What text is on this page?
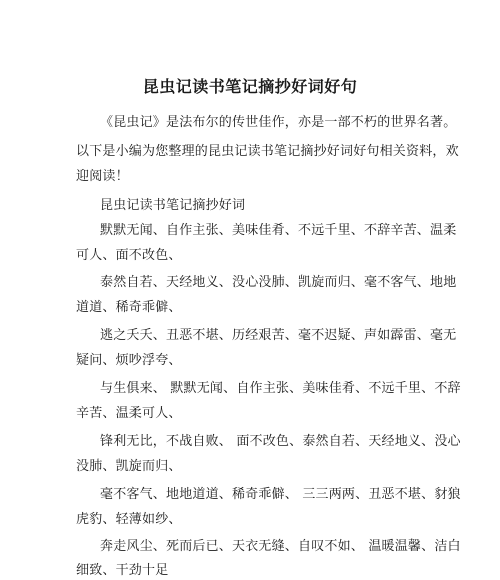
昆虫记读书笔记摘抄好词好句
《昆虫记》是法布尔的传世佳作，亦是一部不朽的世界名著。
以下是小编为您整理的昆虫记读书笔记摘抄好词好句相关资料，欢
迎阅读！
昆虫记读书笔记摘抄好词
默默无闻、自作主张、美味佳肴、不远千里、不辞辛苦、温柔
可人、面不改色、
泰然自若、天经地义、没心没肺、凯旋而归、毫不客气、地地
道道、稀奇乖僻、
逃之夭夭、丑恶不堪、历经艰苦、毫不迟疑、声如霹雷、毫无
疑问、烦吵浮夸、
与生俱来、 默默无闻、自作主张、美味佳肴、不远千里、不辞
辛苦、温柔可人、
锋利无比，不战自败、 面不改色、泰然自若、天经地义、没心
没肺、凯旋而归、
毫不客气、地地道道、稀奇乖僻、 三三两两、丑恶不堪、豺狼
虎豹、轻薄如纱、
奔走风尘、死而后已、天衣无缝、自叹不如、 温暖温馨、洁白
细致、干劲十足
